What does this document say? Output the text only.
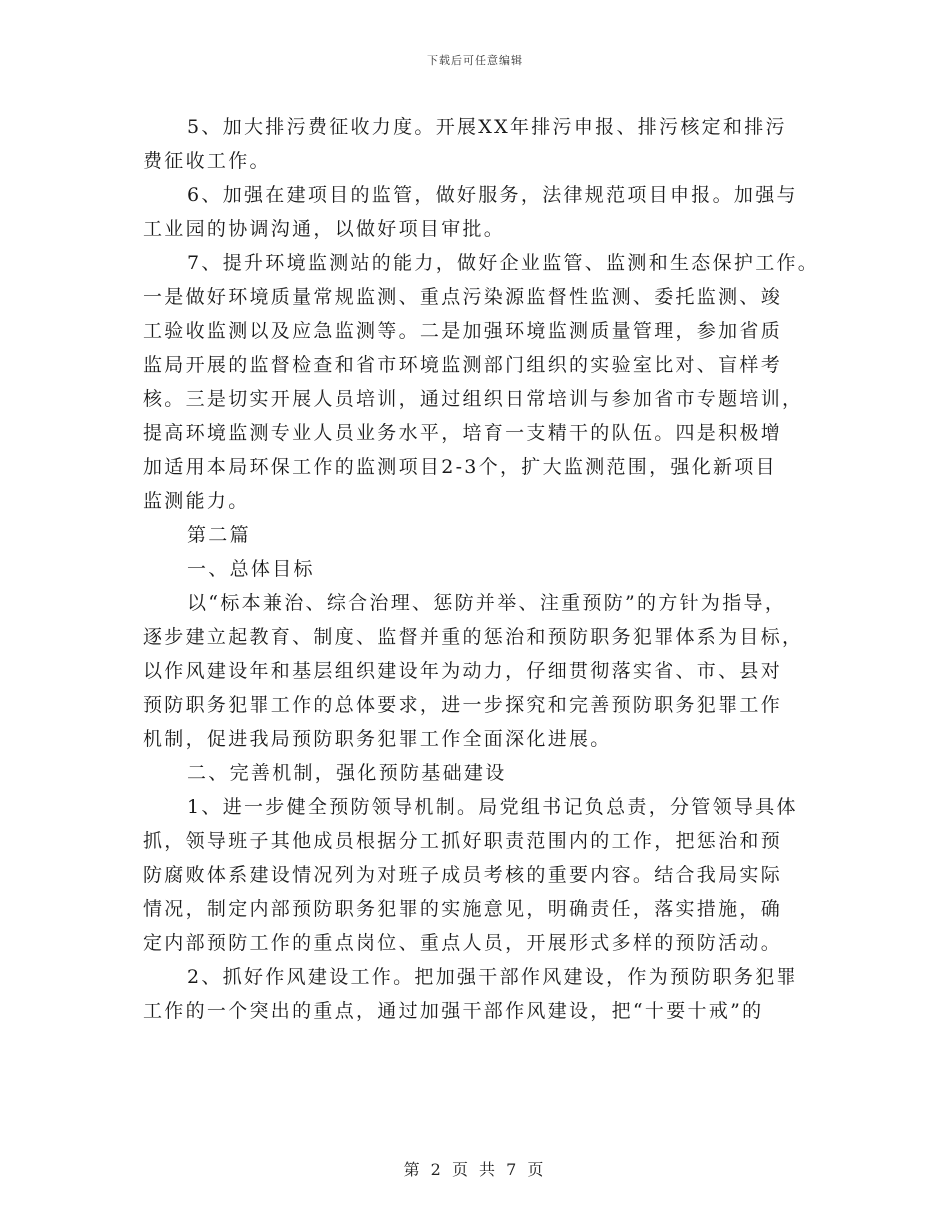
下载后可任意编辑
5、加大排污费征收力度。开展XX年排污申报、排污核定和排污
费征收工作。
6、加强在建项目的监管，做好服务，法律规范项目申报。加强与
工业园的协调沟通，以做好项目审批。
7、提升环境监测站的能力，做好企业监管、监测和生态保护工作。
一是做好环境质量常规监测、重点污染源监督性监测、委托监测、竣
工验收监测以及应急监测等。二是加强环境监测质量管理，参加省质
监局开展的监督检查和省市环境监测部门组织的实验室比对、盲样考
核。三是切实开展人员培训，通过组织日常培训与参加省市专题培训，
提高环境监测专业人员业务水平，培育一支精干的队伍。四是积极增
加适用本局环保工作的监测项目2-3个，扩大监测范围，强化新项目
监测能力。
第二篇
一、总体目标
以“标本兼治、综合治理、惩防并举、注重预防”的方针为指导，
逐步建立起教育、制度、监督并重的惩治和预防职务犯罪体系为目标，
以作风建设年和基层组织建设年为动力，仔细贯彻落实省、市、县对
预防职务犯罪工作的总体要求，进一步探究和完善预防职务犯罪工作
机制，促进我局预防职务犯罪工作全面深化进展。
二、完善机制，强化预防基础建设
1、进一步健全预防领导机制。局党组书记负总责，分管领导具体
抓，领导班子其他成员根据分工抓好职责范围内的工作，把惩治和预
防腐败体系建设情况列为对班子成员考核的重要内容。结合我局实际
情况，制定内部预防职务犯罪的实施意见，明确责任，落实措施，确
定内部预防工作的重点岗位、重点人员，开展形式多样的预防活动。
2、抓好作风建设工作。把加强干部作风建设，作为预防职务犯罪
工作的一个突出的重点，通过加强干部作风建设，把“十要十戒”的
第 2 页 共 7 页
